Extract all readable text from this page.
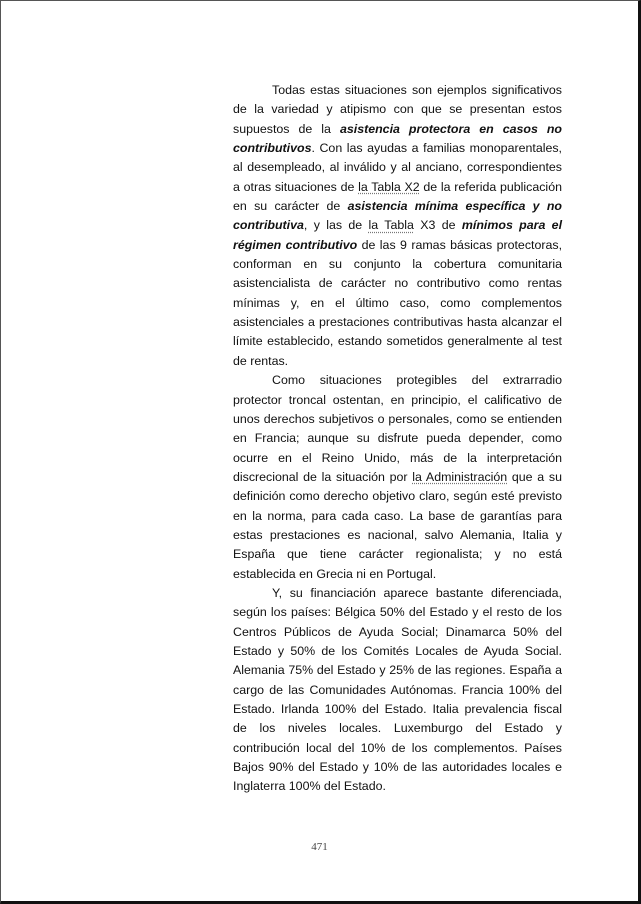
Todas estas situaciones son ejemplos significativos de la variedad y atipismo con que se presentan estos supuestos de la asistencia protectora en casos no contributivos. Con las ayudas a familias monoparentales, al desempleado, al inválido y al anciano, correspondientes a otras situaciones de la Tabla X2 de la referida publicación en su carácter de asistencia mínima específica y no contributiva, y las de la Tabla X3 de mínimos para el régimen contributivo de las 9 ramas básicas protectoras, conforman en su conjunto la cobertura comunitaria asistencialista de carácter no contributivo como rentas mínimas y, en el último caso, como complementos asistenciales a prestaciones contributivas hasta alcanzar el límite establecido, estando sometidos generalmente al test de rentas.

Como situaciones protegibles del extrarradio protector troncal ostentan, en principio, el calificativo de unos derechos subjetivos o personales, como se entienden en Francia; aunque su disfrute pueda depender, como ocurre en el Reino Unido, más de la interpretación discrecional de la situación por la Administración que a su definición como derecho objetivo claro, según esté previsto en la norma, para cada caso. La base de garantías para estas prestaciones es nacional, salvo Alemania, Italia y España que tiene carácter regionalista; y no está establecida en Grecia ni en Portugal.

Y, su financiación aparece bastante diferenciada, según los países: Bélgica 50% del Estado y el resto de los Centros Públicos de Ayuda Social; Dinamarca 50% del Estado y 50% de los Comités Locales de Ayuda Social. Alemania 75% del Estado y 25% de las regiones. España a cargo de las Comunidades Autónomas. Francia 100% del Estado. Irlanda 100% del Estado. Italia prevalencia fiscal de los niveles locales. Luxemburgo del Estado y contribución local del 10% de los complementos. Países Bajos 90% del Estado y 10% de las autoridades locales e Inglaterra 100% del Estado.

471
